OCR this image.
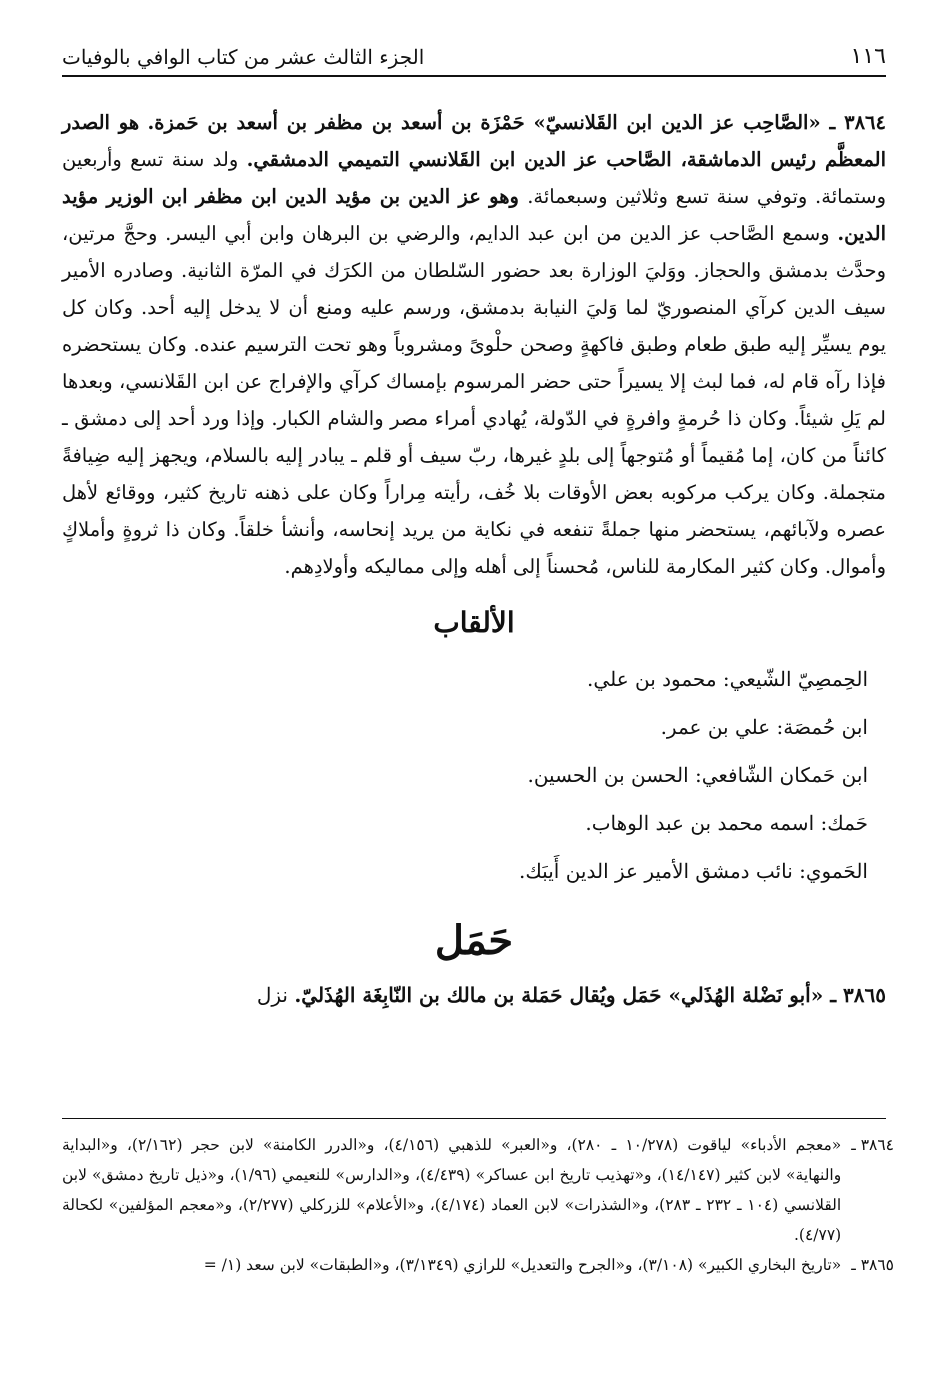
١١٦
الجزء الثالث عشر من كتاب الوافي بالوفيات

٣٨٦٤ ـ «الصَّاحِب عز الدين ابن القَلانسيّ» حَمْزَة بن أسعد بن مظفر بن أسعد بن حَمزة. هو الصدر المعظَّم رئيس الدماشقة، الصَّاحب عز الدين ابن القَلانسي التميمي الدمشقي. ولد سنة تسع وأربعين وستمائة. وتوفي سنة تسع وثلاثين وسبعمائة. وهو عز الدين بن مؤيد الدين ابن مظفر ابن الوزير مؤيد الدين. وسمع الصَّاحب عز الدين من ابن عبد الدايم، والرضي بن البرهان وابن أبي اليسر. وحجَّ مرتين، وحدَّث بدمشق والحجاز. ووَليَ الوزارة بعد حضور السّلطان من الكرَك في المرّة الثانية. وصادره الأمير سيف الدين كرآي المنصوريّ لما وَليَ النيابة بدمشق، ورسم عليه ومنع أن لا يدخل إليه أحد. وكان كل يوم يسيِّر إليه طبق طعام وطبق فاكهةٍ وصحن حلْوىً ومشروباً وهو تحت الترسيم عنده. وكان يستحضره فإذا رآه قام له، فما لبث إلا يسيراً حتى حضر المرسوم بإمساك كرآي والإفراج عن ابن القَلانسي، وبعدها لم يَلِ شيئاً. وكان ذا حُرمةٍ وافرةٍ في الدّولة، يُهادي أمراء مصر والشام الكبار. وإذا ورد أحد إلى دمشق ـ كائناً من كان، إما مُقيماً أو مُتوجهاً إلى بلدٍ غيرها، ربّ سيف أو قلم ـ يبادر إليه بالسلام، ويجهز إليه ضِيافةً متجملة. وكان يركب مركوبه بعض الأوقات بلا خُف، رأيته مِراراً وكان على ذهنه تاريخ كثير، ووقائع لأهل عصره ولآبائهم، يستحضر منها جملةً تنفعه في نكاية من يريد إنحاسه، وأنشأ خلقاً. وكان ذا ثروةٍ وأملاكٍ وأموال. وكان كثير المكارمة للناس، مُحسناً إلى أهله وإلى مماليكه وأولادِهم.

الألقاب
الحِمصِيّ الشّيعي: محمود بن علي.
ابن حُمصَة: علي بن عمر.
ابن حَمكان الشّافعي: الحسن بن الحسين.
حَمك: اسمه محمد بن عبد الوهاب.
الحَموي: نائب دمشق الأمير عز الدين أَيبَك.
حَمَل

٣٨٦٥ ـ «أبو نَضْلة الهُذَلي» حَمَل ويُقال حَمَلة بن مالك بن النّابِغَة الهُذَليّ. نزل

٣٨٦٤ ـ
«معجم الأدباء» لياقوت (١٠/٢٧٨ ـ ٢٨٠)، و«العبر» للذهبي (٤/١٥٦)، و«الدرر الكامنة» لابن حجر (٢/١٦٢)، و«البداية والنهاية» لابن كثير (١٤/١٤٧)، و«تهذيب تاريخ ابن عساكر» (٤/٤٣٩)، و«الدارس» للنعيمي (١/٩٦)، و«ذيل تاريخ دمشق» لابن القلانسي (١٠٤ ـ ٢٣٢ ـ ٢٨٣)، و«الشذرات» لابن العماد (٤/١٧٤)، و«الأعلام» للزركلي (٢/٢٧٧)، و«معجم المؤلفين» لكحالة (٤/٧٧).
٣٨٦٥ ـ
«تاريخ البخاري الكبير» (٣/١٠٨)، و«الجرح والتعديل» للرازي (٣/١٣٤٩)، و«الطبقات» لابن سعد (١/ =
